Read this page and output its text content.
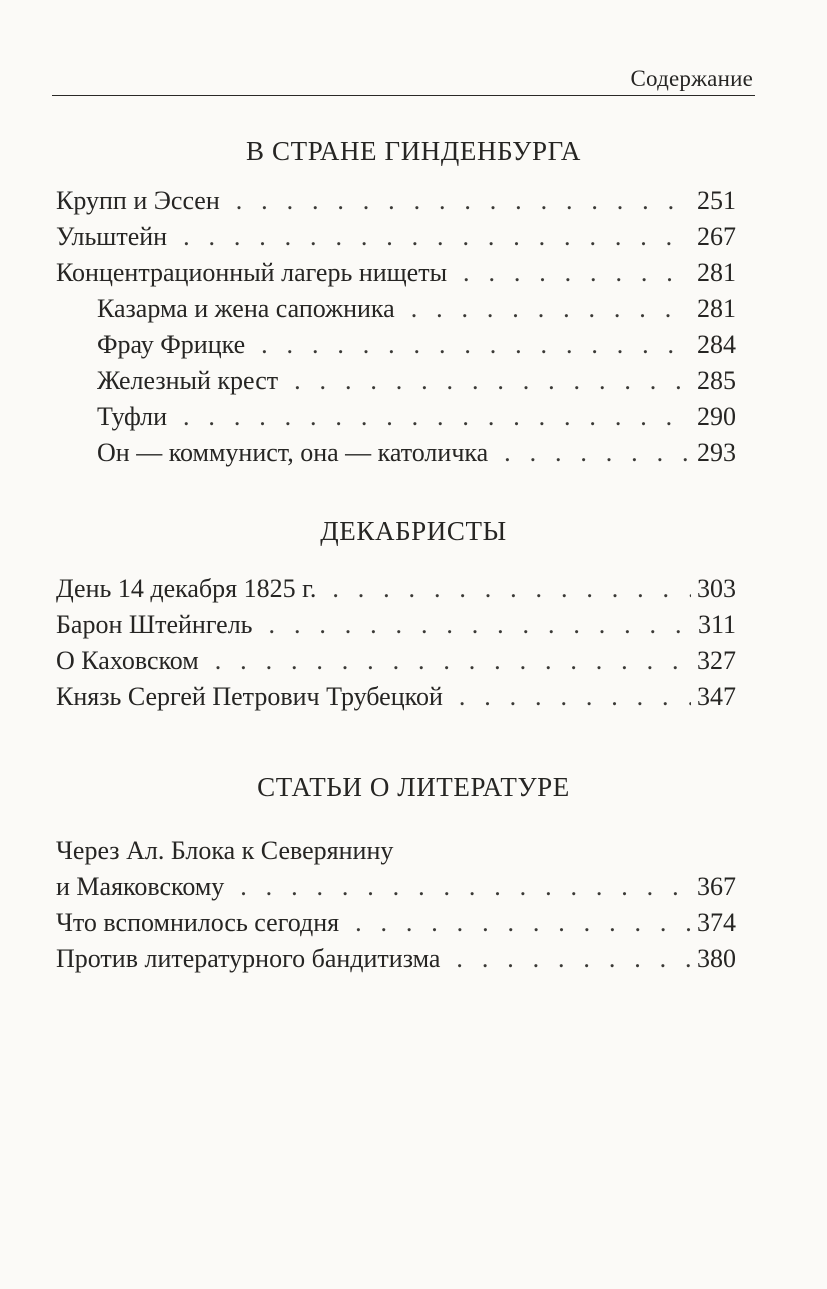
Содержание
В СТРАНЕ ГИНДЕНБУРГА
Крупп и Эссен . . .	251
Ульштейн . . .	267
Концентрационный лагерь нищеты . . .	281
Казарма и жена сапожника . . .	281
Фрау Фрицке . . .	284
Железный крест . . .	285
Туфли . . .	290
Он — коммунист, она — католичка . . .	293
ДЕКАБРИСТЫ
День 14 декабря 1825 г. . . .	303
Барон Штейнгель . . .	311
О Каховском . . .	327
Князь Сергей Петрович Трубецкой . . .	347
СТАТЬИ О ЛИТЕРАТУРЕ
Через Ал. Блока к Северянину
и Маяковскому . . .	367
Что вспомнилось сегодня . . .	374
Против литературного бандитизма . . .	380
